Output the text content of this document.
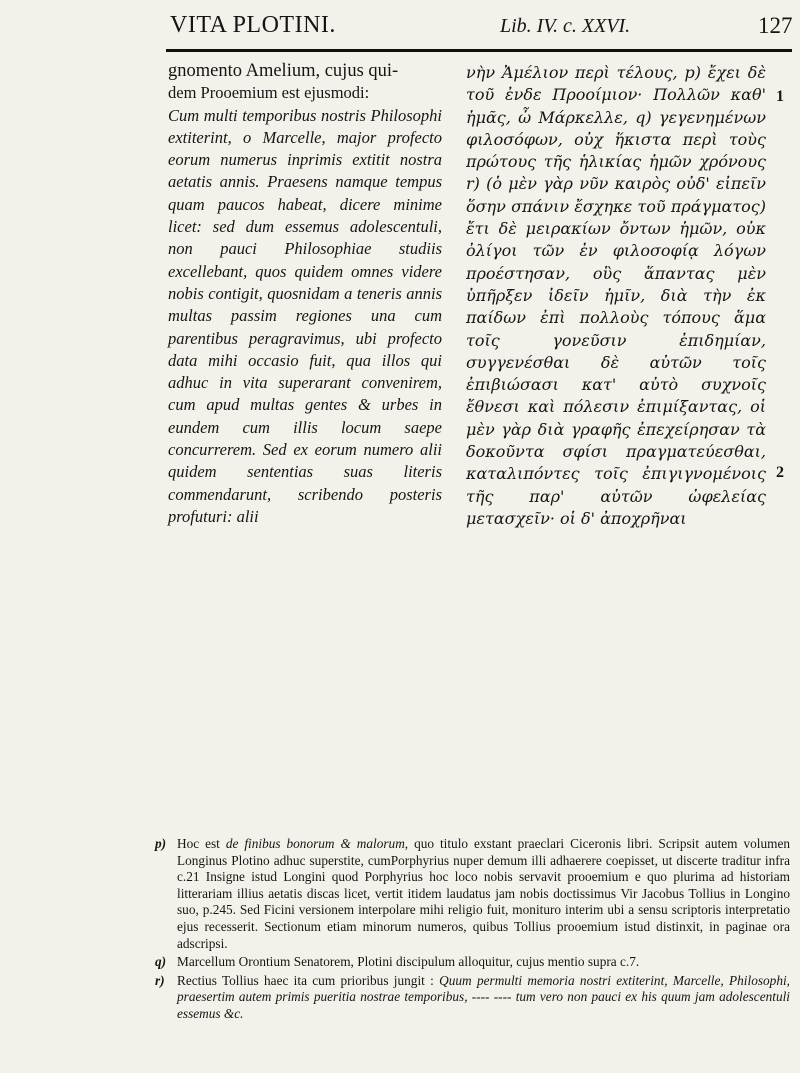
VITA PLOTINI.	Lib. IV. c. XXVI.	127
gnomento Amelium, cujus qui-
dem Prooemium est ejusmodi:
Cum multi temporibus nostris Philosophi extiterint, o Marcelle, major profecto eorum numerus inprimis extitit nostra aetatis annis. Praesens namque tempus quam paucos habeat, dicere minime licet: sed dum essemus adolescentuli, non pauci Philosophiae studiis excellebant, quos quidem omnes videre nobis contigit, quosnidam a teneris annis multas passim regiones una cum parentibus peragravimus, ubi profecto data mihi occasio fuit, qua illos qui adhuc in vita superarant convenirem, cum apud multas gentes & urbes in eundem cum illis locum saepe concurrerem. Sed ex eorum numero alii quidem sententias suas literis commendarunt, scribendo posteris profuturi: alii
νὴν Ἀμέλιον περὶ τέλους, p) ἔχει δὲ τοῦ ἐνδε Προοίμιον· Πολλῶν καθ' ἡμᾶς, ὦ Μάρκελλε, q) γεγενημένων φιλοσόφων, οὐχ ἥκιστα περὶ τοὺς πρώτους τῆς ἡλικίας ἡμῶν χρόνους r) (ὁ μὲν γὰρ νῦν καιρὸς οὐδ' εἰπεῖν ὅσην σπάνιν ἔσχηκε τοῦ πράγματος) ἔτι δὲ μειρακίων ὄντων ἡμῶν, οὐκ ὀλίγοι τῶν ἐν φιλοσοφίᾳ λόγων προέστησαν, οὓς ἅπαντας μὲν ὑπῆρξεν ἰδεῖν ἡμῖν, διὰ τὴν ἐκ παίδων ἐπὶ πολλοὺς τόπους ἅμα τοῖς γονεῦσιν ἐπιδημίαν, συγγενέσθαι δὲ αὐτῶν τοῖς ἐπιβιώσασι κατ' αὐτὸ συχνοῖς ἔθνεσι καὶ πόλεσιν ἐπιμίξαντας, οἱ μὲν γὰρ διὰ γραφῆς ἐπεχείρησαν τὰ δοκοῦντα σφίσι πραγματεύεσθαι, καταλιπόντες τοῖς ἐπιγιγνομένοις τῆς παρ' αὐτῶν ὠφελείας μετασχεῖν· οἱ δ' ἀποχρῆναι
1
2
p) Hoc est de finibus bonorum & malorum, quo titulo exstant praeclari Ciceronis libri. Scripsit autem volumen Longinus Plotino adhuc superstite, cumPorphyrius nuper demum illi adhaerere coepisset, ut discerte traditur infra c.21 Insigne istud Longini quod Porphyrius hoc loco nobis servavit prooemium e quo plurima ad historiam litterariam illius aetatis discas licet, vertit itidem laudatus jam nobis doctissimus Vir Jacobus Tollius in Longino suo, p.245. Sed Ficini versionem interpolare mihi religio fuit, monituro interim ubi a sensu scriptoris interpretatio ejus recesserit. Sectionum etiam minorum numeros, quibus Tollius prooemium istud distinxit, in paginae ora adscripsi.
q) Marcellum Orontium Senatorem, Plotini discipulum alloquitur, cujus mentio supra c.7.
r) Rectius Tollius haec ita cum prioribus jungit : Quum permulti memoria nostri extiterint, Marcelle, Philosophi, praesertim autem primis pueritia nostrae temporibus, ---- ---- tum vero non pauci ex his quum jam adolescentuli essemus &c.
